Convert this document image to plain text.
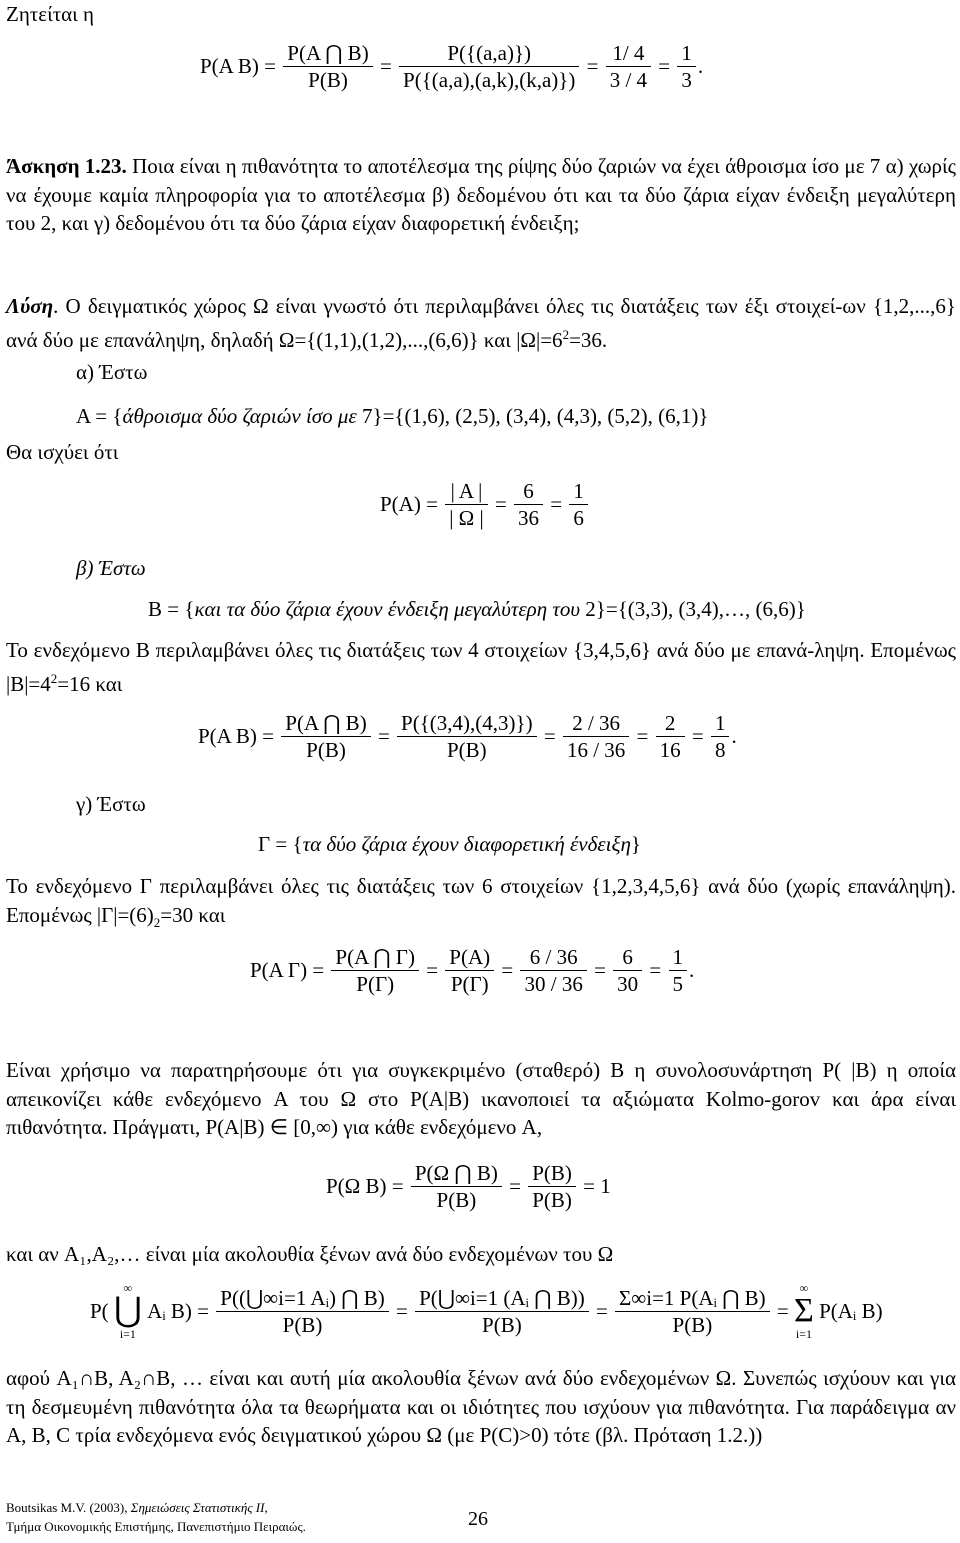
Ζητείται η
P(A $B) = \frac{P(A ⋂ B)}{P(B)} = \frac{P(\{(a,a)\})}{P(\{(a,a),(a,k),(k,a)\})} = \frac{1/ 4}{3 / 4} = \frac{1}{3}$ .
Άσκηση 1.23. Ποια είναι η πιθανότητα το αποτέλεσμα της ρίψης δύο ζαριών να έχει άθροισμα ίσο με 7 α) χωρίς να έχουμε καμία πληροφορία για το αποτέλεσμα β) δεδομένου ότι και τα δύο ζάρια είχαν ένδειξη μεγαλύτερη του 2, και γ) δεδομένου ότι τα δύο ζάρια είχαν διαφορετική ένδειξη;
Λύση. Ο δειγματικός χώρος Ω είναι γνωστό ότι περιλαμβάνει όλες τις διατάξεις των έξι στοιχεί-ων {1,2,...,6} ανά δύο με επανάληψη, δηλαδή Ω={(1,1),(1,2),...,(6,6)} και $|\Omega|=6^2=36$.
α) Έστω
A = {άθροισμα δύο ζαριών ίσο με 7}={(1,6), (2,5), (3,4), (4,3), (5,2), (6,1)}
Θα ισχύει ότι
$P(A) = \frac{| A |}{| \Omega |} = \frac{6}{36} = \frac{1}{6}$
β) Έστω
B = {και τα δύο ζάρια έχουν ένδειξη μεγαλύτερη του 2}={(3,3), (3,4),…, (6,6)}
Το ενδεχόμενο B περιλαμβάνει όλες τις διατάξεις των 4 στοιχείων {3,4,5,6} ανά δύο με επανά-ληψη. Επομένως $|B|=4^2=16$ και
P(A $B) = \frac{P(A ⋂ B)}{P(B)} = \frac{P(\{(3,4),(4,3)\})}{P(B)} = \frac{2 / 36}{16 / 36} = \frac{2}{16} = \frac{1}{8}$ .
γ) Έστω
Γ = {τα δύο ζάρια έχουν διαφορετική ένδειξη}
Το ενδεχόμενο Γ περιλαμβάνει όλες τις διατάξεις των 6 στοιχείων {1,2,3,4,5,6} ανά δύο (χωρίς επανάληψη). Επομένως $|\Gamma|=(6)_2=30$ και
P(A $\Gamma) = \frac{P(A ⋂ \Gamma)}{P(\Gamma)} = \frac{P(A)}{P(\Gamma)} = \frac{6 / 36}{30 / 36} = \frac{6}{30} = \frac{1}{5}$ .
Είναι χρήσιμο να παρατηρήσουμε ότι για συγκεκριμένο (σταθερό) B η συνολοσυνάρτηση P( |B) η οποία απεικονίζει κάθε ενδεχόμενο A του Ω στο P(A|B) ικανοποιεί τα αξιώματα Kolmo-gorov και άρα είναι πιθανότητα. Πράγματι, P(A|B) ∈ [0,∞) για κάθε ενδεχόμενο A,
P(Ω $B) = \frac{P(\Omega ⋂ B)}{P(B)} = \frac{P(B)}{P(B)} = 1$
και αν A₁,A₂,… είναι μία ακολουθία ξένων ανά δύο ενδεχομένων του Ω
P(
∞
⋃
i=1
Aᵢ $B) = \frac{\text{P((⋃∞i=1 Aᵢ) ⋂ B)}}{P(B)} = \frac{\text{P(⋃∞i=1 (Aᵢ ⋂ B))}}{P(B)} = \frac{\text{Σ∞i=1 P(Aᵢ ⋂ B)}}{P(B)}$ =
∞
Σ
i=1
P(Aᵢ B)
αφού A₁∩B, A₂∩B, … είναι και αυτή μία ακολουθία ξένων ανά δύο ενδεχομένων Ω. Συνεπώς ισχύουν και για τη δεσμευμένη πιθανότητα όλα τα θεωρήματα και οι ιδιότητες που ισχύουν για πιθανότητα. Για παράδειγμα αν A, B, C τρία ενδεχόμενα ενός δειγματικού χώρου Ω (με P(C)>0) τότε (βλ. Πρόταση 1.2.))
Boutsikas M.V. (2003), Σημειώσεις Στατιστικής ΙΙ,
Τμήμα Οικονομικής Επιστήμης, Πανεπιστήμιο Πειραιώς.	26
